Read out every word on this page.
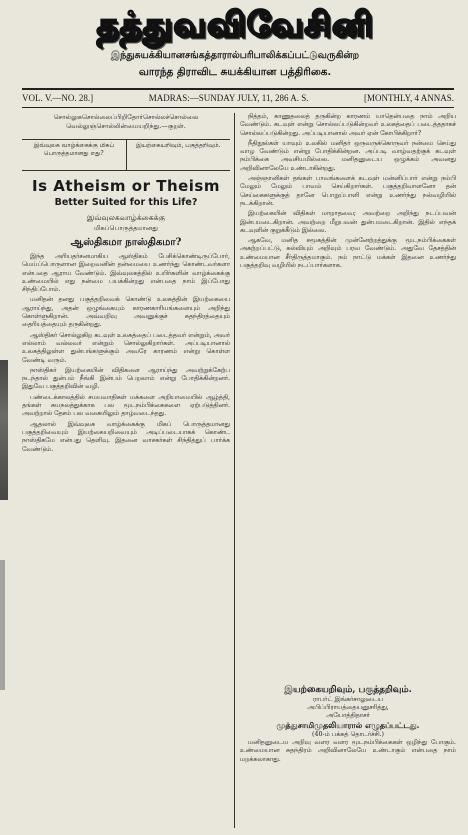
தத்துவவிவேசினி
இந்துசுயக்கியானசங்கத்தாரால்பரிபாலிக்கப்பட்டுவருகின்ற
வாரந்த திராவிட சுயக்கியான பத்திரிகை.
VOL. V.—NO. 28.]	MADRAS:—SUNDAY JULY, 11, 286 A. S.	[MONTHLY, 4 ANNAS.
சொல்லுகசொல்லைப்பிறிதோர்சொல்லச்சொல்லை வெல்லுஞ்சொல்லின்மையறிந்து.—குறள்.
இவ்வுலக வாழ்க்கைக்கு மிகப் பொருத்தமானது எது?
இயற்கையறிவும், பகுத்தறிவும்.
Is Atheism or Theism
Better Suited for this Life?
இவ்வுலகவாழ்க்கைக்கு
மிகப்பொருத்தமானது
ஆஸ்திகமா நாஸ்திகமா?

இந்த அரியதர்சனமாகிய ஆஸ்திகம் பேசிக்கொண்டிருப்போர், மெய்ப்பொருளான இறைவனின் தன்மையை உணர்ந்து கொண்டவர்களா என்பதை ஆராய வேண்டும். இவ்வுலகத்தில் உயிர்களின் வாழ்க்கைக்கு உண்மையில் எது நன்மை பயக்கின்றது என்பதை நாம் இப்போது சிந்திப்போம்.

மனிதன் தனது பகுத்தறிவைக் கொண்டு உலகத்தின் இயற்கையை ஆராய்ந்து, அதன் ஒழுங்கையும் காரணகாரியங்களையும் அறிந்து கொள்ளுகிறான். அவ்வறிவு அவனுக்குச் சுதந்திரத்தையும் தைரியத்தையும் தருகின்றது.

ஆஸ்திகர் சொல்லுகிற கடவுள் உலகத்தைப் படைத்தவர் என்றும், அவர் எல்லாம் வல்லவர் என்றும் சொல்லுகிறார்கள். அப்படியானால் உலகத்திலுள்ள துன்பங்களுக்கும் அவரே காரணம் என்று கொள்ள வேண்டி வரும்.

நாஸ்திகர் இயற்கையின் விதிகளை ஆராய்ந்து அவற்றுக்கேற்ப நடந்தால் துன்பம் நீங்கி இன்பம் பெறலாம் என்று போதிக்கின்றனர். இதுவே பகுத்தறிவின் வழி.

பண்டைக்காலத்தில் சமயவாதிகள் மக்களை அறியாமையில் ஆழ்த்தி, தங்கள் சுயநலத்துக்காக பல மூடநம்பிக்கைகளை ஏற்படுத்தினர். அவற்றால் தேசம் பல வகையிலும் தாழ்வடைந்தது.

ஆதலால் இவ்வுலக வாழ்க்கைக்கு மிகப் பொருத்தமானது பகுத்தறிவையும் இயற்கையறிவையும் அடிப்படையாகக் கொண்ட நாஸ்திகமே என்பது தெளிவு. இதனை வாசகர்கள் சிந்தித்துப் பார்க்க வேண்டும்.

நித்தம், காணுதலைத் தருகின்ற காரணம் யாதென்பதை நாம் அறிய வேண்டும். கடவுள் என்று சொல்லப்படுகின்றவர் உலகத்தைப் படைத்ததாகச் சொல்லப்படுகின்றது. அப்படியானால் அவர் ஏன் கோபிக்கிறார்?

நீதிநூல்கள் யாவும் உலகில் மனிதர் ஒருவருக்கொருவர் நன்மை செய்து வாழ வேண்டும் என்று போதிக்கின்றன. அப்படி வாழ்வதற்குக் கடவுள் நம்பிக்கை அவசியமில்லை. மனிதனுடைய ஒழுக்கம் அவனது அறிவினாலேயே உண்டாகின்றது.

அஞ்ஞானிகள் தங்கள் பாவங்களைக் கடவுள் மன்னிப்பார் என்று நம்பி மேலும் மேலும் பாவம் செய்கிறார்கள். பகுத்தறிவாளனோ தன் செய்கைகளுக்குத் தானே பொறுப்பாளி என்று உணர்ந்து நல்வழியில் நடக்கிறான்.

இயற்கையின் விதிகள் மாறாதவை; அவற்றை அறிந்து நடப்பவன் இன்பமடைகிறான். அவற்றை மீறுபவன் துன்பமடைகிறான். இதில் எந்தக் கடவுளின் குறுக்கீடும் இல்லை.

ஆகவே, மனித சமூகத்தின் முன்னேற்றத்துக்கு மூடநம்பிக்கைகள் அகற்றப்பட்டு, கல்வியும் அறிவும் பரவ வேண்டும். அதுவே தேசத்தின் உண்மையான சீர்திருத்தமாகும். நம் நாட்டு மக்கள் இதனை உணர்ந்து பகுத்தறிவு வழியில் நடப்பார்களாக.

இயற்கையறிவும், பகுத்தறிவும்.
ராபர்ட் இங்கர்சாலுடைய
அபிப்பிராயத்தையனுசரித்து,
அயோத்திதாசர்
முத்துசாமிமுதலியாரால் எழுதப்பட்டது.
(40-ம் பக்கத் தொடர்ச்சி.)

மனிதனுடைய அறிவு வளர வளர மூடநம்பிக்கைகள் ஒழிந்து போகும். உண்மையான சுதந்திரம் அறிவினாலேயே உண்டாகும் என்பதை நாம் மறக்கலாகாது.
